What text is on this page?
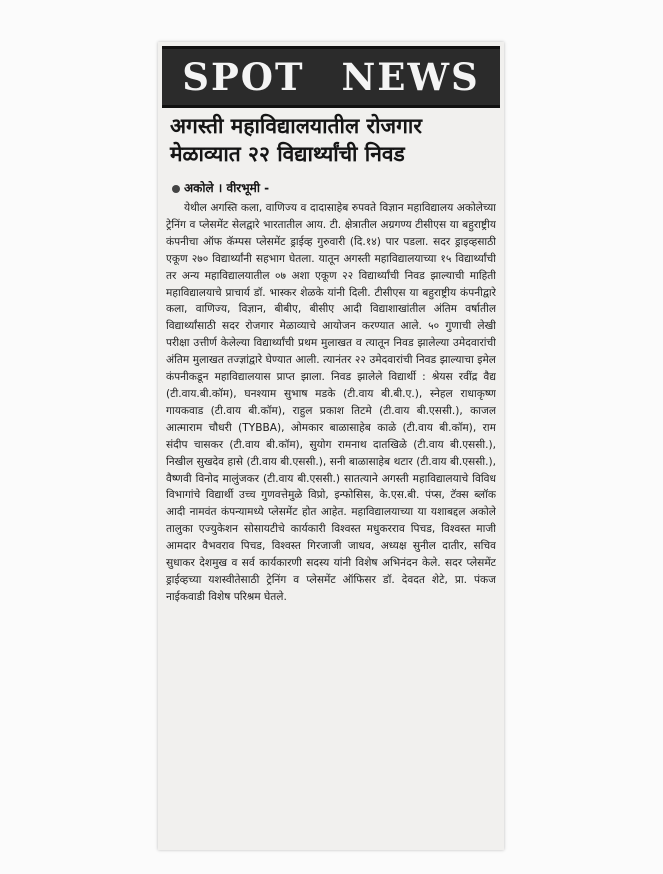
SPOT NEWS
अगस्ती महाविद्यालयातील रोजगार मेळाव्यात २२ विद्यार्थ्यांची निवड
अकोले । वीरभूमी -

येथील अगस्ति कला, वाणिज्य व दादासाहेब रुपवते विज्ञान महाविद्यालय अकोलेच्या ट्रेनिंग व प्लेसमेंट सेलद्वारे भारतातील आय. टी. क्षेत्रातील अग्रगण्य टीसीएस या बहुराष्ट्रीय कंपनीचा ऑफ कॅम्पस प्लेसमेंट ड्राईव्ह गुरुवारी (दि.१४) पार पडला. सदर ड्राइव्हसाठी एकूण २७० विद्यार्थ्यांनी सहभाग घेतला. यातून अगस्ती महाविद्यालयाच्या १५ विद्यार्थ्यांची तर अन्य महाविद्यालयातील ०७ अशा एकूण २२ विद्यार्थ्यांची निवड झाल्याची माहिती महाविद्यालयाचे प्राचार्य डॉ. भास्कर शेळके यांनी दिली. टीसीएस या बहुराष्ट्रीय कंपनीद्वारे कला, वाणिज्य, विज्ञान, बीबीए, बीसीए आदी विद्याशाखांतील अंतिम वर्षातील विद्यार्थ्यांसाठी सदर रोजगार मेळाव्याचे आयोजन करण्यात आले. ५० गुणाची लेखी परीक्षा उत्तीर्ण केलेल्या विद्यार्थ्यांची प्रथम मुलाखत व त्यातून निवड झालेल्या उमेदवारांची अंतिम मुलाखत तज्ज्ञांद्वारे घेण्यात आली. त्यानंतर २२ उमेदवारांची निवड झाल्याचा इमेल कंपनीकडून महाविद्यालयास प्राप्त झाला. निवड झालेले विद्यार्थी : श्रेयस रवींद्र वैद्य (टी.वाय.बी.कॉम), घनश्याम सुभाष मडके (टी.वाय बी.बी.ए.), स्नेहल राधाकृष्ण गायकवाड (टी.वाय बी.कॉम), राहुल प्रकाश तिटमे (टी.वाय बी.एससी.), काजल आत्माराम चौधरी (TYBBA), ओमकार बाळासाहेब काळे (टी.वाय बी.कॉम), राम संदीप चासकर (टी.वाय बी.कॉम), सुयोग रामनाथ दातखिळे (टी.वाय बी.एससी.), निखील सुखदेव हासे (टी.वाय बी.एससी.), सनी बाळासाहेब थटार (टी.वाय बी.एससी.), वैष्णवी विनोद मालुंजकर (टी.वाय बी.एससी.) सातत्याने अगस्ती महाविद्यालयाचे विविध विभागांचे विद्यार्थी उच्च गुणवत्तेमुळे विप्रो, इन्फोसिस, के.एस.बी. पंप्स, टॅक्स ब्लॉक आदी नामवंत कंपन्यामध्ये प्लेसमेंट होत आहेत. महाविद्यालयाच्या या यशाबद्दल अकोले तालुका एज्युकेशन सोसायटीचे कार्यकारी विश्वस्त मधुकरराव पिचड, विश्वस्त माजी आमदार वैभवराव पिचड, विश्वस्त गिरजाजी जाधव, अध्यक्ष सुनील दातीर, सचिव सुधाकर देशमुख व सर्व कार्यकारणी सदस्य यांनी विशेष अभिनंदन केले. सदर प्लेसमेंट ड्राईव्हच्या यशस्वीतेसाठी ट्रेनिंग व प्लेसमेंट ऑफिसर डॉ. देवदत शेटे, प्रा. पंकज नाईकवाडी विशेष परिश्रम घेतले.
